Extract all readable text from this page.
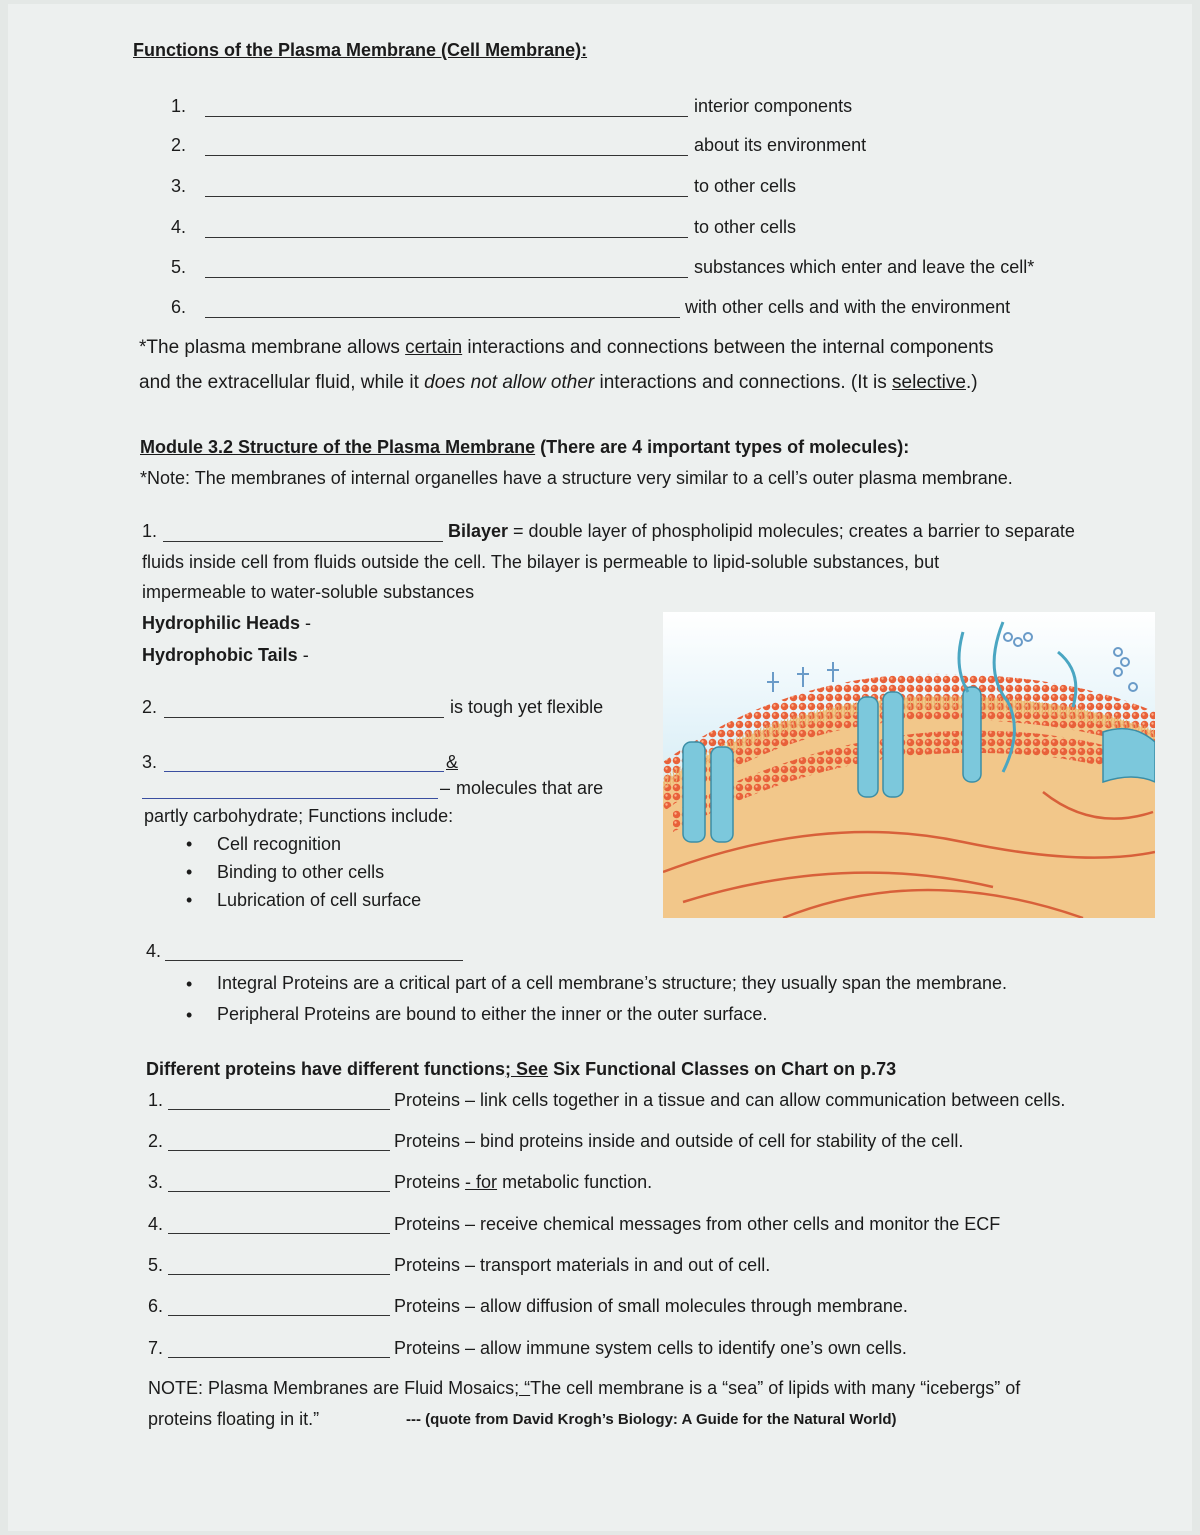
Functions of the Plasma Membrane (Cell Membrane):
1.	interior components
2.	about its environment
3.	to other cells
4.	to other cells
5.	substances which enter and leave the cell*
6.	with other cells and with the environment
*The plasma membrane allows certain interactions and connections between the internal components
and the extracellular fluid, while it does not allow other interactions and connections. (It is selective.)
Module 3.2 Structure of the Plasma Membrane (There are 4 important types of molecules):
*Note: The membranes of internal organelles have a structure very similar to a cell’s outer plasma membrane.
1.	Bilayer = double layer of phospholipid molecules; creates a barrier to separate
fluids inside cell from fluids outside the cell. The bilayer is permeable to lipid-soluble substances, but
impermeable to water-soluble substances
Hydrophilic Heads -
Hydrophobic Tails -
2.	is tough yet flexible
3.	&
– molecules that are
partly carbohydrate; Functions include:
• Cell recognition
• Binding to other cells
• Lubrication of cell surface
4.
• Integral Proteins are a critical part of a cell membrane’s structure; they usually span the membrane.
• Peripheral Proteins are bound to either the inner or the outer surface.
Different proteins have different functions; See Six Functional Classes on Chart on p.73
1.	Proteins – link cells together in a tissue and can allow communication between cells.
2.	Proteins – bind proteins inside and outside of cell for stability of the cell.
3.	Proteins - for metabolic function.
4.	Proteins – receive chemical messages from other cells and monitor the ECF
5.	Proteins – transport materials in and out of cell.
6.	Proteins – allow diffusion of small molecules through membrane.
7.	Proteins – allow immune system cells to identify one’s own cells.
NOTE: Plasma Membranes are Fluid Mosaics; “The cell membrane is a “sea” of lipids with many “icebergs” of
proteins floating in it.”	--- (quote from David Krogh’s Biology: A Guide for the Natural World)
